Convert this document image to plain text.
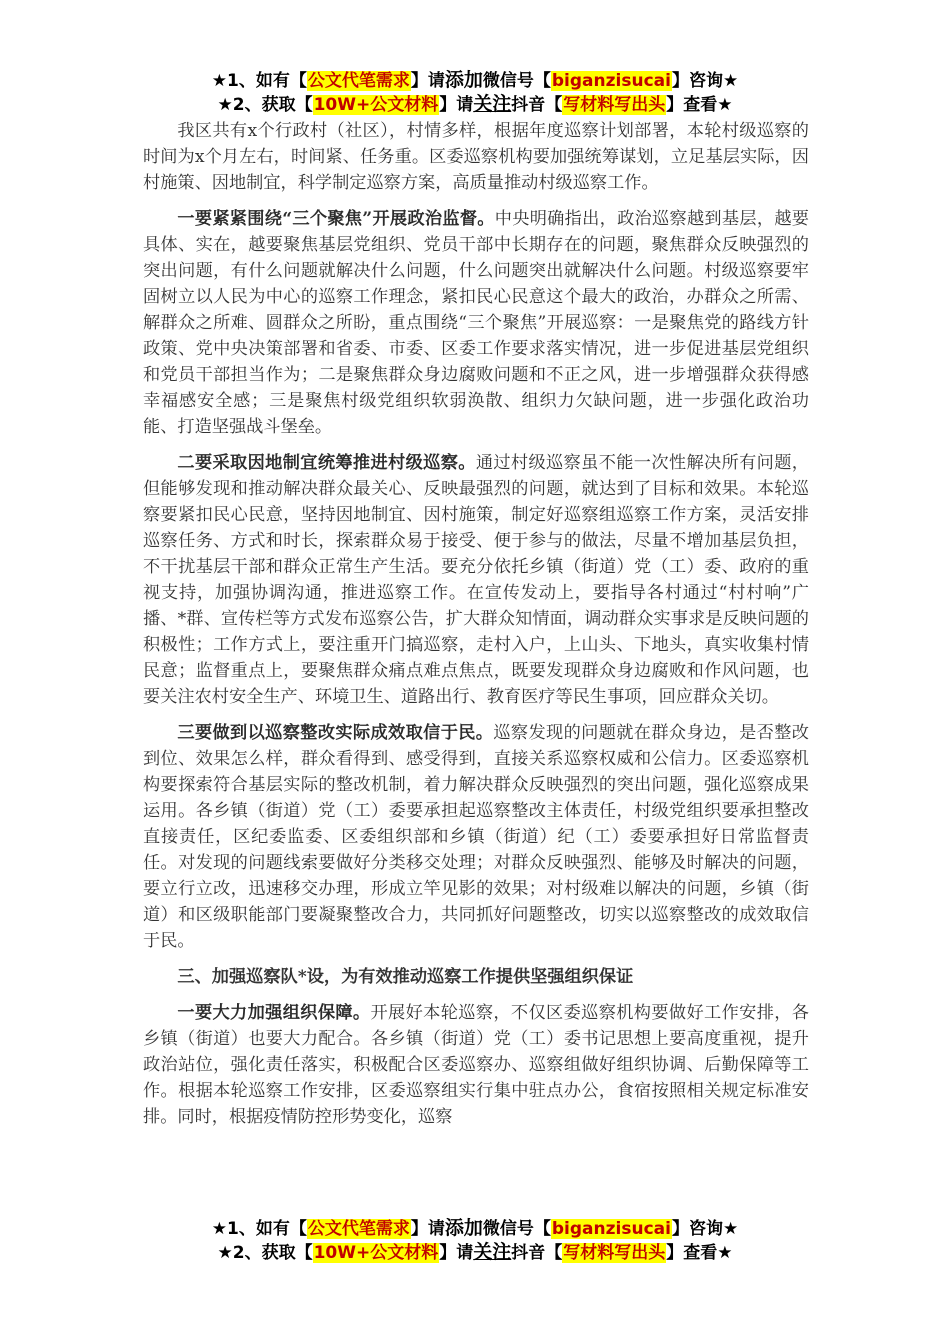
★1、如有【公文代笔需求】请添加微信号【biganzisucai】咨询★
★2、获取【10W+公文材料】请关注抖音【写材料写出头】查看★

我区共有x个行政村（社区），村情多样，根据年度巡察计划部署，本轮村级巡察的时间为x个月左右，时间紧、任务重。区委巡察机构要加强统筹谋划，立足基层实际，因村施策、因地制宜，科学制定巡察方案，高质量推动村级巡察工作。

一要紧紧围绕“三个聚焦”开展政治监督。中央明确指出，政治巡察越到基层，越要具体、实在，越要聚焦基层党组织、党员干部中长期存在的问题，聚焦群众反映强烈的突出问题，有什么问题就解决什么问题，什么问题突出就解决什么问题。村级巡察要牢固树立以人民为中心的巡察工作理念，紧扣民心民意这个最大的政治，办群众之所需、解群众之所难、圆群众之所盼，重点围绕“三个聚焦”开展巡察：一是聚焦党的路线方针政策、党中央决策部署和省委、市委、区委工作要求落实情况，进一步促进基层党组织和党员干部担当作为；二是聚焦群众身边腐败问题和不正之风，进一步增强群众获得感幸福感安全感；三是聚焦村级党组织软弱涣散、组织力欠缺问题，进一步强化政治功能、打造坚强战斗堡垒。

二要采取因地制宜统筹推进村级巡察。通过村级巡察虽不能一次性解决所有问题，但能够发现和推动解决群众最关心、反映最强烈的问题，就达到了目标和效果。本轮巡察要紧扣民心民意，坚持因地制宜、因村施策，制定好巡察组巡察工作方案，灵活安排巡察任务、方式和时长，探索群众易于接受、便于参与的做法，尽量不增加基层负担，不干扰基层干部和群众正常生产生活。要充分依托乡镇（街道）党（工）委、政府的重视支持，加强协调沟通，推进巡察工作。在宣传发动上，要指导各村通过“村村响”广播、*群、宣传栏等方式发布巡察公告，扩大群众知情面，调动群众实事求是反映问题的积极性；工作方式上，要注重开门搞巡察，走村入户，上山头、下地头，真实收集村情民意；监督重点上，要聚焦群众痛点难点焦点，既要发现群众身边腐败和作风问题，也要关注农村安全生产、环境卫生、道路出行、教育医疗等民生事项，回应群众关切。

三要做到以巡察整改实际成效取信于民。巡察发现的问题就在群众身边，是否整改到位、效果怎么样，群众看得到、感受得到，直接关系巡察权威和公信力。区委巡察机构要探索符合基层实际的整改机制，着力解决群众反映强烈的突出问题，强化巡察成果运用。各乡镇（街道）党（工）委要承担起巡察整改主体责任，村级党组织要承担整改直接责任，区纪委监委、区委组织部和乡镇（街道）纪（工）委要承担好日常监督责任。对发现的问题线索要做好分类移交处理；对群众反映强烈、能够及时解决的问题，要立行立改，迅速移交办理，形成立竿见影的效果；对村级难以解决的问题，乡镇（街道）和区级职能部门要凝聚整改合力，共同抓好问题整改，切实以巡察整改的成效取信于民。

三、加强巡察队*设，为有效推动巡察工作提供坚强组织保证

一要大力加强组织保障。开展好本轮巡察，不仅区委巡察机构要做好工作安排，各乡镇（街道）也要大力配合。各乡镇（街道）党（工）委书记思想上要高度重视，提升政治站位，强化责任落实，积极配合区委巡察办、巡察组做好组织协调、后勤保障等工作。根据本轮巡察工作安排，区委巡察组实行集中驻点办公，食宿按照相关规定标准安排。同时，根据疫情防控形势变化，巡察

★1、如有【公文代笔需求】请添加微信号【biganzisucai】咨询★
★2、获取【10W+公文材料】请关注抖音【写材料写出头】查看★
